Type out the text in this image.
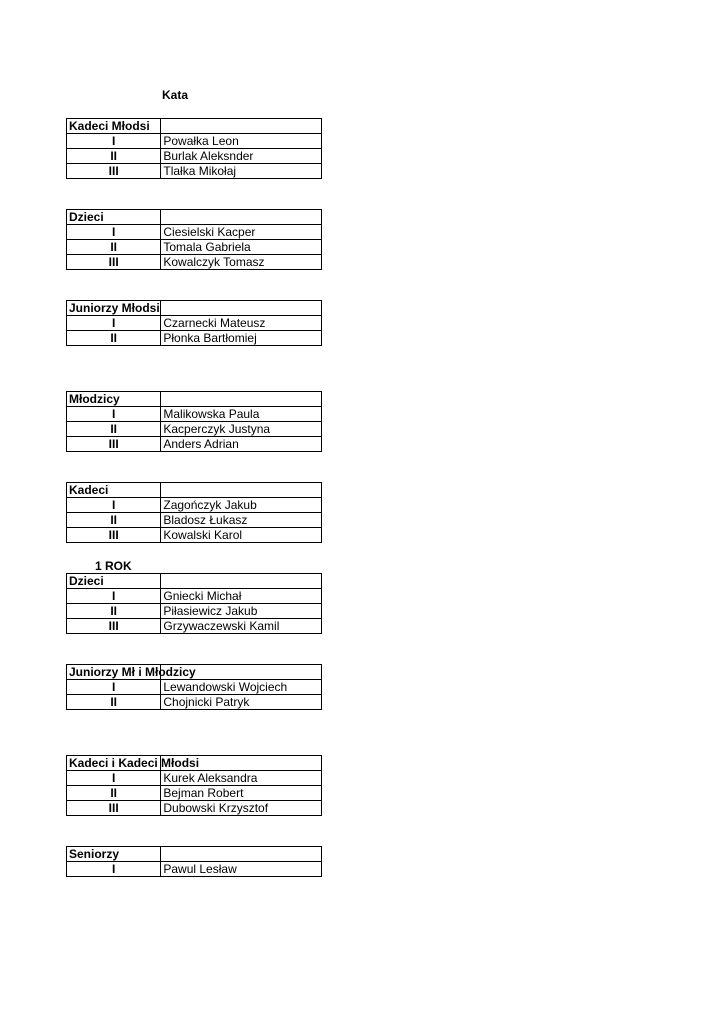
Kata
1 ROK
Kadeci Młodsi	
I	Powałka Leon
II	Burlak Aleksnder
III	Tlałka Mikołaj
Dzieci	
I	Ciesielski Kacper
II	Tomala Gabriela
III	Kowalczyk Tomasz
Juniorzy Młodsi	
I	Czarnecki Mateusz
II	Płonka Bartłomiej
Młodzicy	
I	Malikowska Paula
II	Kacperczyk Justyna
III	Anders Adrian
Kadeci	
I	Zagończyk Jakub
II	Bladosz Łukasz
III	Kowalski Karol
Dzieci	
I	Gniecki Michał
II	Piłasiewicz Jakub
III	Grzywaczewski Kamil
Juniorzy Mł i Młodzicy	
I	Lewandowski Wojciech
II	Chojnicki Patryk
Kadeci i Kadeci Młodsi	
I	Kurek Aleksandra
II	Bejman Robert
III	Dubowski Krzysztof
Seniorzy	
I	Pawul Lesław
